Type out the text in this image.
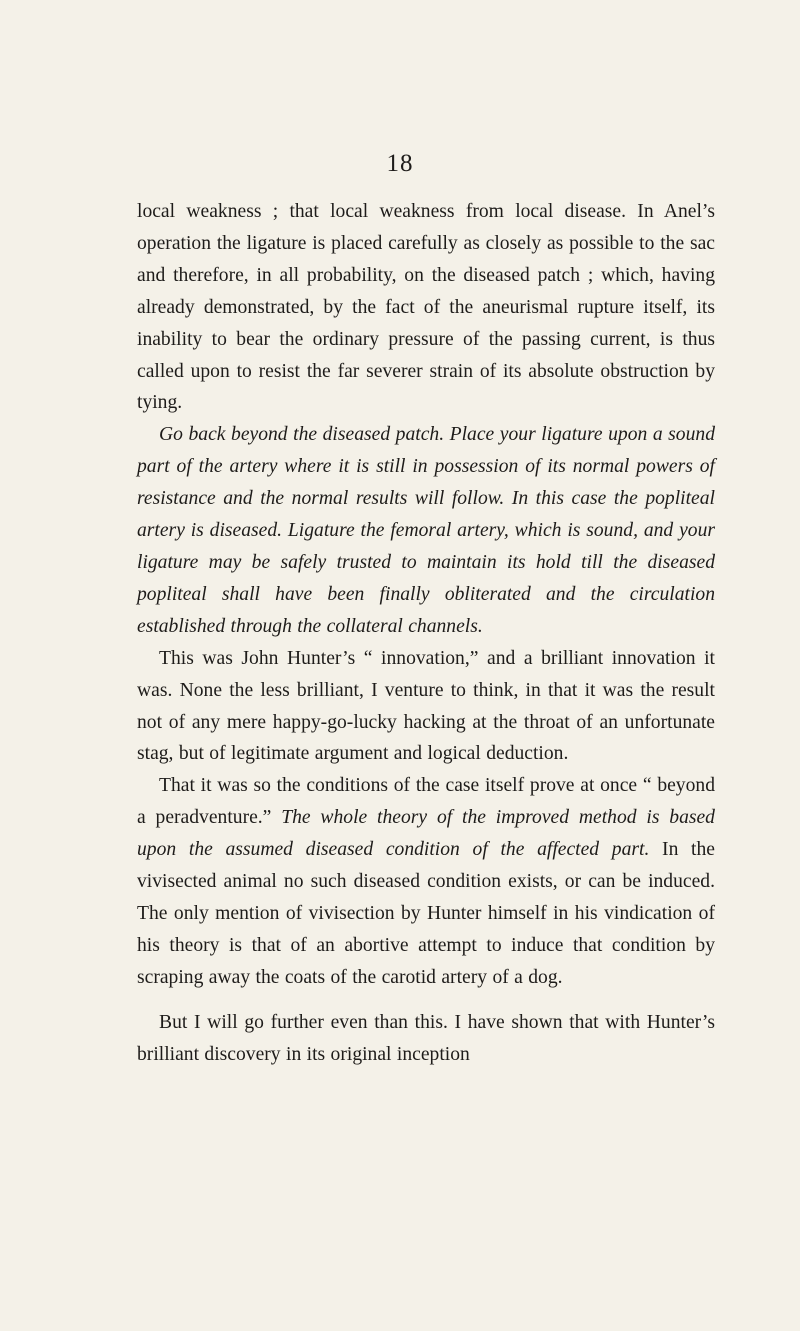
18

local weakness ; that local weakness from local disease. In Anel’s operation the ligature is placed carefully as closely as possible to the sac and therefore, in all probability, on the diseased patch ; which, having already demonstrated, by the fact of the aneurismal rupture itself, its inability to bear the ordinary pressure of the passing current, is thus called upon to resist the far severer strain of its absolute obstruction by tying.

Go back beyond the diseased patch. Place your ligature upon a sound part of the artery where it is still in possession of its normal powers of resistance and the normal results will follow. In this case the popliteal artery is diseased. Ligature the femoral artery, which is sound, and your ligature may be safely trusted to maintain its hold till the diseased popliteal shall have been finally obliterated and the circulation established through the collateral channels.

This was John Hunter’s “ innovation,” and a brilliant innovation it was. None the less brilliant, I venture to think, in that it was the result not of any mere happy-go-lucky hacking at the throat of an unfortunate stag, but of legitimate argument and logical deduction.

That it was so the conditions of the case itself prove at once “ beyond a peradventure.” The whole theory of the improved method is based upon the assumed diseased condition of the affected part. In the vivisected animal no such diseased condition exists, or can be induced. The only mention of vivisection by Hunter himself in his vindication of his theory is that of an abortive attempt to induce that condition by scraping away the coats of the carotid artery of a dog.

But I will go further even than this. I have shown that with Hunter’s brilliant discovery in its original inception
